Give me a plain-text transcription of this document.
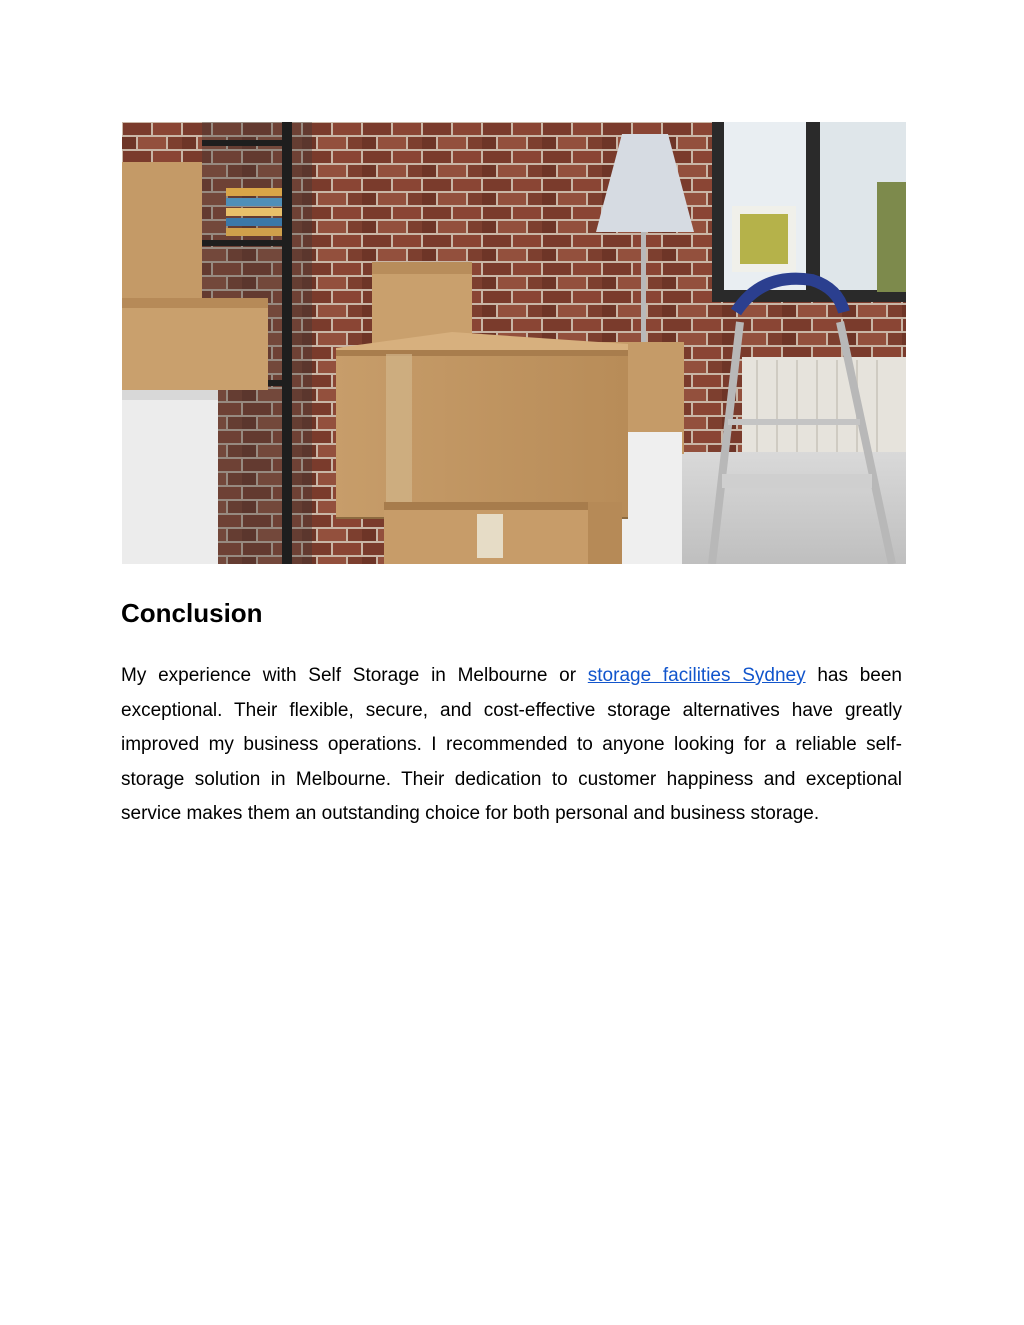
Conclusion

My experience with Self Storage in Melbourne or storage facilities Sydney has been exceptional. Their flexible, secure, and cost-effective storage alternatives have greatly improved my business operations. I recommended to anyone looking for a reliable self-storage solution in Melbourne. Their dedication to customer happiness and exceptional service makes them an outstanding choice for both personal and business storage.
